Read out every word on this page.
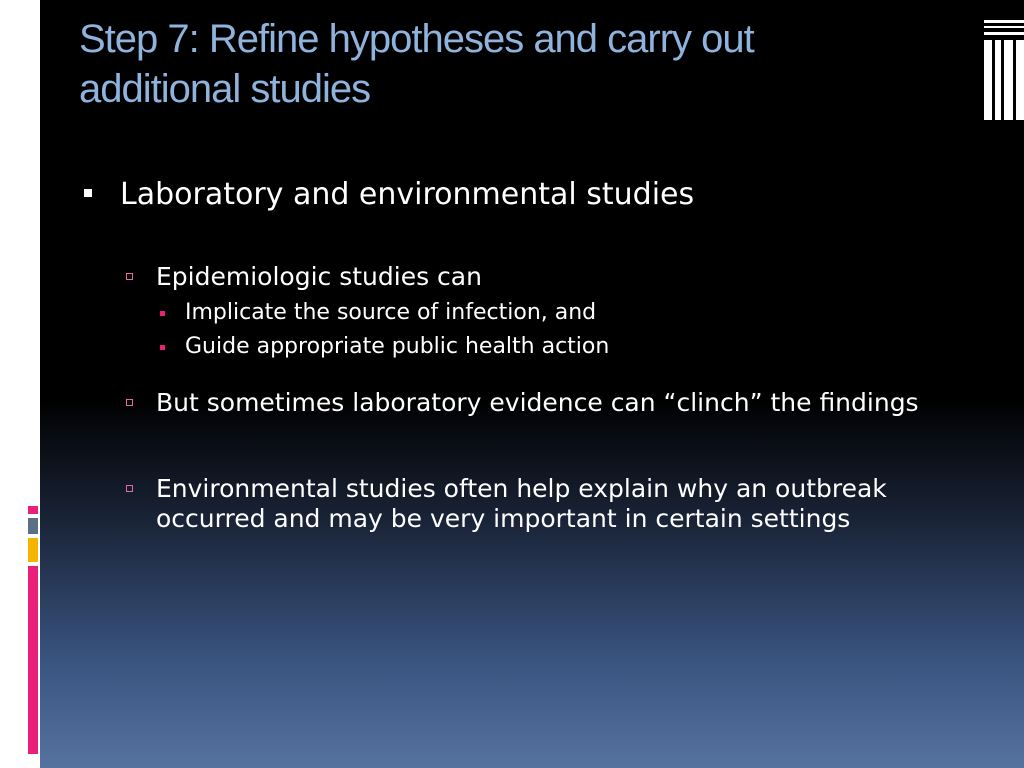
Step 7: Refine hypotheses and carry out
additional studies
Laboratory and environmental studies
Epidemiologic studies can
Implicate the source of infection, and
Guide appropriate public health action
But sometimes laboratory evidence can “clinch” the findings
Environmental studies often help explain why an outbreak occurred and may be very important in certain settings
